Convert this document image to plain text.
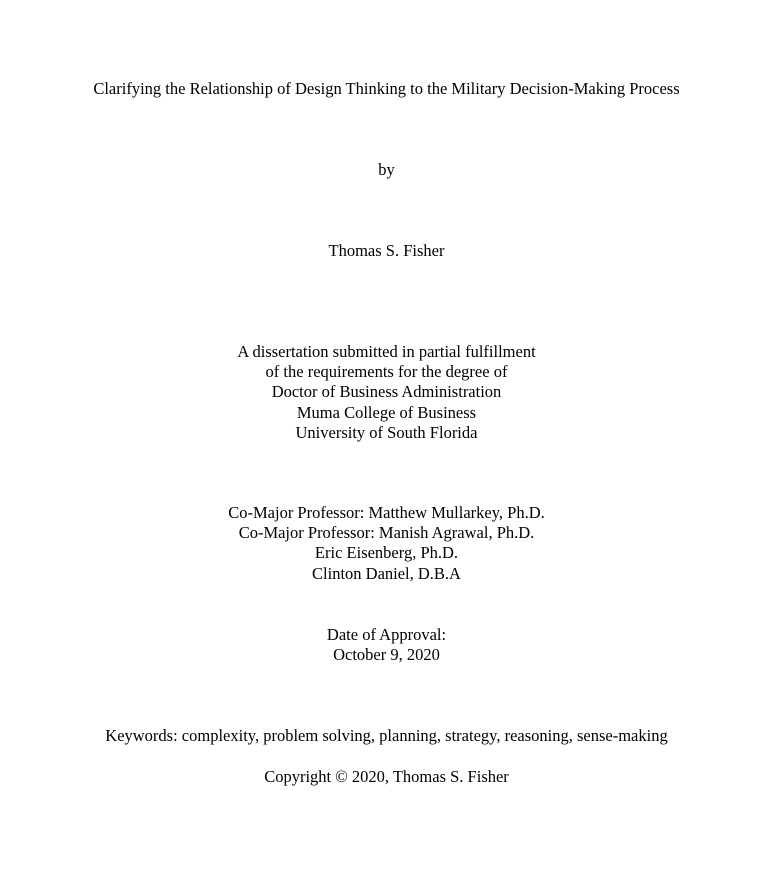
Clarifying the Relationship of Design Thinking to the Military Decision-Making Process
by
Thomas S. Fisher
A dissertation submitted in partial fulfillment
of the requirements for the degree of
Doctor of Business Administration
Muma College of Business
University of South Florida
Co-Major Professor: Matthew Mullarkey, Ph.D.
Co-Major Professor: Manish Agrawal, Ph.D.
Eric Eisenberg, Ph.D.
Clinton Daniel, D.B.A
Date of Approval:
October 9, 2020
Keywords: complexity, problem solving, planning, strategy, reasoning, sense-making
Copyright © 2020, Thomas S. Fisher
